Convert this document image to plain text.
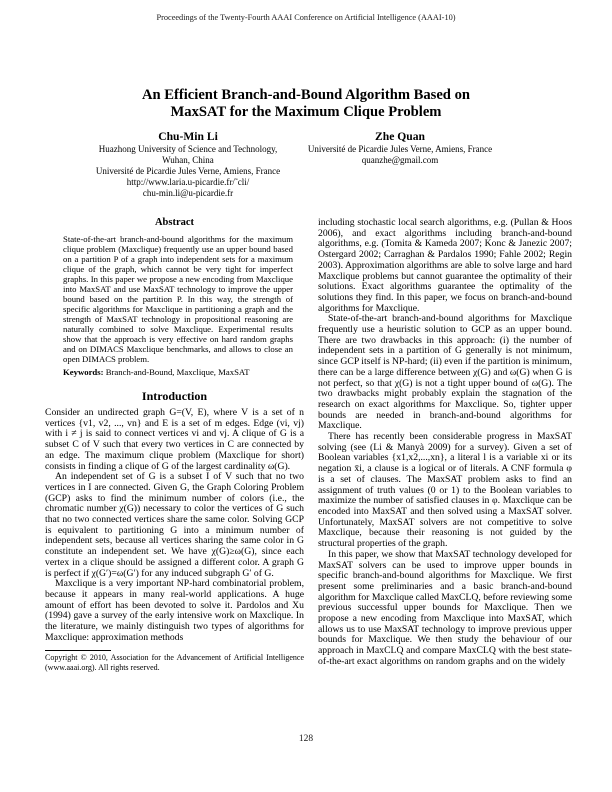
Proceedings of the Twenty-Fourth AAAI Conference on Artificial Intelligence (AAAI-10)
An Efficient Branch-and-Bound Algorithm Based on
MaxSAT for the Maximum Clique Problem
Chu-Min Li
Huazhong University of Science and Technology,
Wuhan, China
Université de Picardie Jules Verne, Amiens, France
http://www.laria.u-picardie.fr/˜cli/
chu-min.li@u-picardie.fr
Zhe Quan
Université de Picardie Jules Verne, Amiens, France
quanzhe@gmail.com
Abstract
State-of-the-art branch-and-bound algorithms for the maximum clique problem (Maxclique) frequently use an upper bound based on a partition P of a graph into independent sets for a maximum clique of the graph, which cannot be very tight for imperfect graphs. In this paper we propose a new encoding from Maxclique into MaxSAT and use MaxSAT technology to improve the upper bound based on the partition P. In this way, the strength of specific algorithms for Maxclique in partitioning a graph and the strength of MaxSAT technology in propositional reasoning are naturally combined to solve Maxclique. Experimental results show that the approach is very effective on hard random graphs and on DIMACS Maxclique benchmarks, and allows to close an open DIMACS problem.
Keywords: Branch-and-Bound, Maxclique, MaxSAT
Introduction

Consider an undirected graph G=(V, E), where V is a set of n vertices {v1, v2, ..., vn} and E is a set of m edges. Edge (vi, vj) with i ≠ j is said to connect vertices vi and vj. A clique of G is a subset C of V such that every two vertices in C are connected by an edge. The maximum clique problem (Maxclique for short) consists in finding a clique of G of the largest cardinality ω(G).

An independent set of G is a subset I of V such that no two vertices in I are connected. Given G, the Graph Coloring Problem (GCP) asks to find the minimum number of colors (i.e., the chromatic number χ(G)) necessary to color the vertices of G such that no two connected vertices share the same color. Solving GCP is equivalent to partitioning G into a minimum number of independent sets, because all vertices sharing the same color in G constitute an independent set. We have χ(G)≥ω(G), since each vertex in a clique should be assigned a different color. A graph G is perfect if χ(G′)=ω(G′) for any induced subgraph G′ of G.

Maxclique is a very important NP-hard combinatorial problem, because it appears in many real-world applications. A huge amount of effort has been devoted to solve it. Pardolos and Xu (1994) gave a survey of the early intensive work on Maxclique. In the literature, we mainly distinguish two types of algorithms for Maxclique: approximation methods

Copyright © 2010, Association for the Advancement of Artificial Intelligence (www.aaai.org). All rights reserved.

including stochastic local search algorithms, e.g. (Pullan & Hoos 2006), and exact algorithms including branch-and-bound algorithms, e.g. (Tomita & Kameda 2007; Konc & Janezic 2007; Ostergard 2002; Carraghan & Pardalos 1990; Fahle 2002; Regin 2003). Approximation algorithms are able to solve large and hard Maxclique problems but cannot guarantee the optimality of their solutions. Exact algorithms guarantee the optimality of the solutions they find. In this paper, we focus on branch-and-bound algorithms for Maxclique.

State-of-the-art branch-and-bound algorithms for Maxclique frequently use a heuristic solution to GCP as an upper bound. There are two drawbacks in this approach: (i) the number of independent sets in a partition of G generally is not minimum, since GCP itself is NP-hard; (ii) even if the partition is minimum, there can be a large difference between χ(G) and ω(G) when G is not perfect, so that χ(G) is not a tight upper bound of ω(G). The two drawbacks might probably explain the stagnation of the research on exact algorithms for Maxclique. So, tighter upper bounds are needed in branch-and-bound algorithms for Maxclique.

There has recently been considerable progress in MaxSAT solving (see (Li & Manyà 2009) for a survey). Given a set of Boolean variables {x1,x2,...,xn}, a literal l is a variable xi or its negation x̄i, a clause is a logical or of literals. A CNF formula φ is a set of clauses. The MaxSAT problem asks to find an assignment of truth values (0 or 1) to the Boolean variables to maximize the number of satisfied clauses in φ. Maxclique can be encoded into MaxSAT and then solved using a MaxSAT solver. Unfortunately, MaxSAT solvers are not competitive to solve Maxclique, because their reasoning is not guided by the structural properties of the graph.

In this paper, we show that MaxSAT technology developed for MaxSAT solvers can be used to improve upper bounds in specific branch-and-bound algorithms for Maxclique. We first present some preliminaries and a basic branch-and-bound algorithm for Maxclique called MaxCLQ, before reviewing some previous successful upper bounds for Maxclique. Then we propose a new encoding from Maxclique into MaxSAT, which allows us to use MaxSAT technology to improve previous upper bounds for Maxclique. We then study the behaviour of our approach in MaxCLQ and compare MaxCLQ with the best state-of-the-art exact algorithms on random graphs and on the widely

128
